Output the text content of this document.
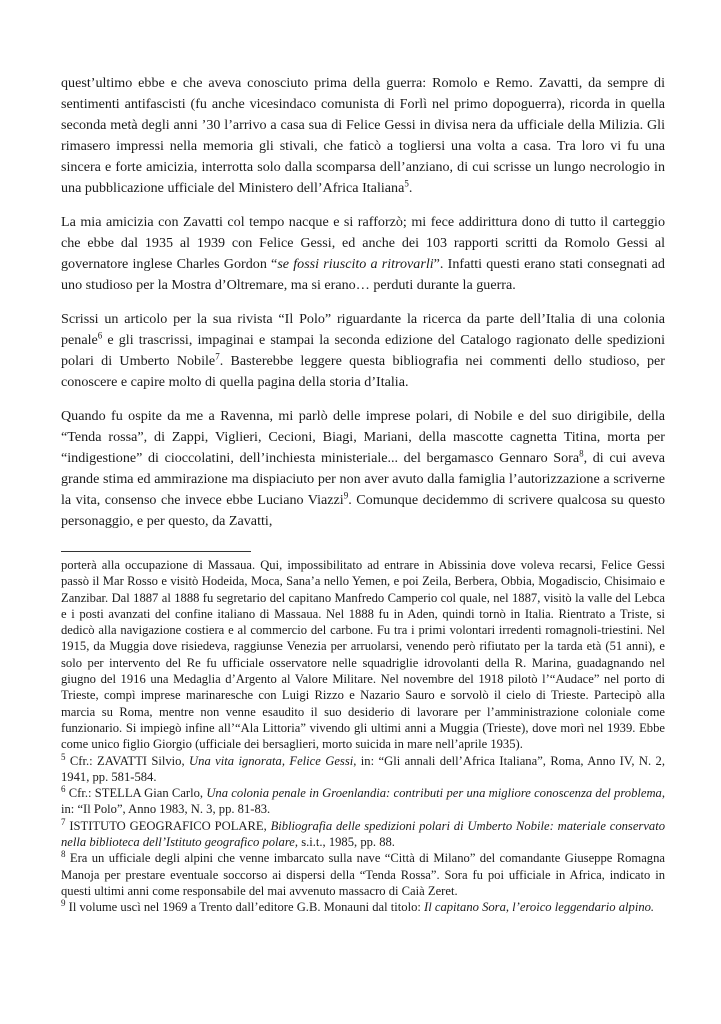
quest’ultimo ebbe e che aveva conosciuto prima della guerra: Romolo e Remo. Zavatti, da sempre di sentimenti antifascisti (fu anche vicesindaco comunista di Forlì nel primo dopoguerra), ricorda in quella seconda metà degli anni ’30 l’arrivo a casa sua di Felice Gessi in divisa nera da ufficiale della Milizia. Gli rimasero impressi nella memoria gli stivali, che faticò a togliersi una volta a casa. Tra loro vi fu una sincera e forte amicizia, interrotta solo dalla scomparsa dell’anziano, di cui scrisse un lungo necrologio in una pubblicazione ufficiale del Ministero dell’Africa Italiana$^5$.

La mia amicizia con Zavatti col tempo nacque e si rafforzò; mi fece addirittura dono di tutto il carteggio che ebbe dal 1935 al 1939 con Felice Gessi, ed anche dei 103 rapporti scritti da Romolo Gessi al governatore inglese Charles Gordon “se fossi riuscito a ritrovarli”. Infatti questi erano stati consegnati ad uno studioso per la Mostra d’Oltremare, ma si erano… perduti durante la guerra.

Scrissi un articolo per la sua rivista “Il Polo” riguardante la ricerca da parte dell’Italia di una colonia penale$^6$ e gli trascrissi, impaginai e stampai la seconda edizione del Catalogo ragionato delle spedizioni polari di Umberto Nobile$^7$. Basterebbe leggere questa bibliografia nei commenti dello studioso, per conoscere e capire molto di quella pagina della storia d’Italia.

Quando fu ospite da me a Ravenna, mi parlò delle imprese polari, di Nobile e del suo dirigibile, della “Tenda rossa”, di Zappi, Viglieri, Cecioni, Biagi, Mariani, della mascotte cagnetta Titina, morta per “indigestione” di cioccolatini, dell’inchiesta ministeriale... del bergamasco Gennaro Sora$^8$, di cui aveva grande stima ed ammirazione ma dispiaciuto per non aver avuto dalla famiglia l’autorizzazione a scriverne la vita, consenso che invece ebbe Luciano Viazzi$^9$. Comunque decidemmo di scrivere qualcosa su questo personaggio, e per questo, da Zavatti,

porterà alla occupazione di Massaua. Qui, impossibilitato ad entrare in Abissinia dove voleva recarsi, Felice Gessi passò il Mar Rosso e visitò Hodeida, Moca, Sana’a nello Yemen, e poi Zeila, Berbera, Obbia, Mogadiscio, Chisimaio e Zanzibar. Dal 1887 al 1888 fu segretario del capitano Manfredo Camperio col quale, nel 1887, visitò la valle del Lebca e i posti avanzati del confine italiano di Massaua. Nel 1888 fu in Aden, quindi tornò in Italia. Rientrato a Triste, si dedicò alla navigazione costiera e al commercio del carbone. Fu tra i primi volontari irredenti romagnoli-triestini. Nel 1915, da Muggia dove risiedeva, raggiunse Venezia per arruolarsi, venendo però rifiutato per la tarda età (51 anni), e solo per intervento del Re fu ufficiale osservatore nelle squadriglie idrovolanti della R. Marina, guadagnando nel giugno del 1916 una Medaglia d’Argento al Valore Militare. Nel novembre del 1918 pilotò l’“Audace” nel porto di Trieste, compì imprese marinaresche con Luigi Rizzo e Nazario Sauro e sorvolò il cielo di Trieste. Partecipò alla marcia su Roma, mentre non venne esaudito il suo desiderio di lavorare per l’amministrazione coloniale come funzionario. Si impiegò infine all’“Ala Littoria” vivendo gli ultimi anni a Muggia (Trieste), dove morì nel 1939. Ebbe come unico figlio Giorgio (ufficiale dei bersaglieri, morto suicida in mare nell’aprile 1935).

$^5$ Cfr.: ZAVATTI Silvio, Una vita ignorata, Felice Gessi, in: “Gli annali dell’Africa Italiana”, Roma, Anno IV, N. 2, 1941, pp. 581-584.

$^6$ Cfr.: STELLA Gian Carlo, Una colonia penale in Groenlandia: contributi per una migliore conoscenza del problema, in: “Il Polo”, Anno 1983, N. 3, pp. 81-83.

$^7$ ISTITUTO GEOGRAFICO POLARE, Bibliografia delle spedizioni polari di Umberto Nobile: materiale conservato nella biblioteca dell’Istituto geografico polare, s.i.t., 1985, pp. 88.

$^8$ Era un ufficiale degli alpini che venne imbarcato sulla nave “Città di Milano” del comandante Giuseppe Romagna Manoja per prestare eventuale soccorso ai dispersi della “Tenda Rossa”. Sora fu poi ufficiale in Africa, indicato in questi ultimi anni come responsabile del mai avvenuto massacro di Caià Zeret.

$^9$ Il volume uscì nel 1969 a Trento dall’editore G.B. Monauni dal titolo: Il capitano Sora, l’eroico leggendario alpino.
